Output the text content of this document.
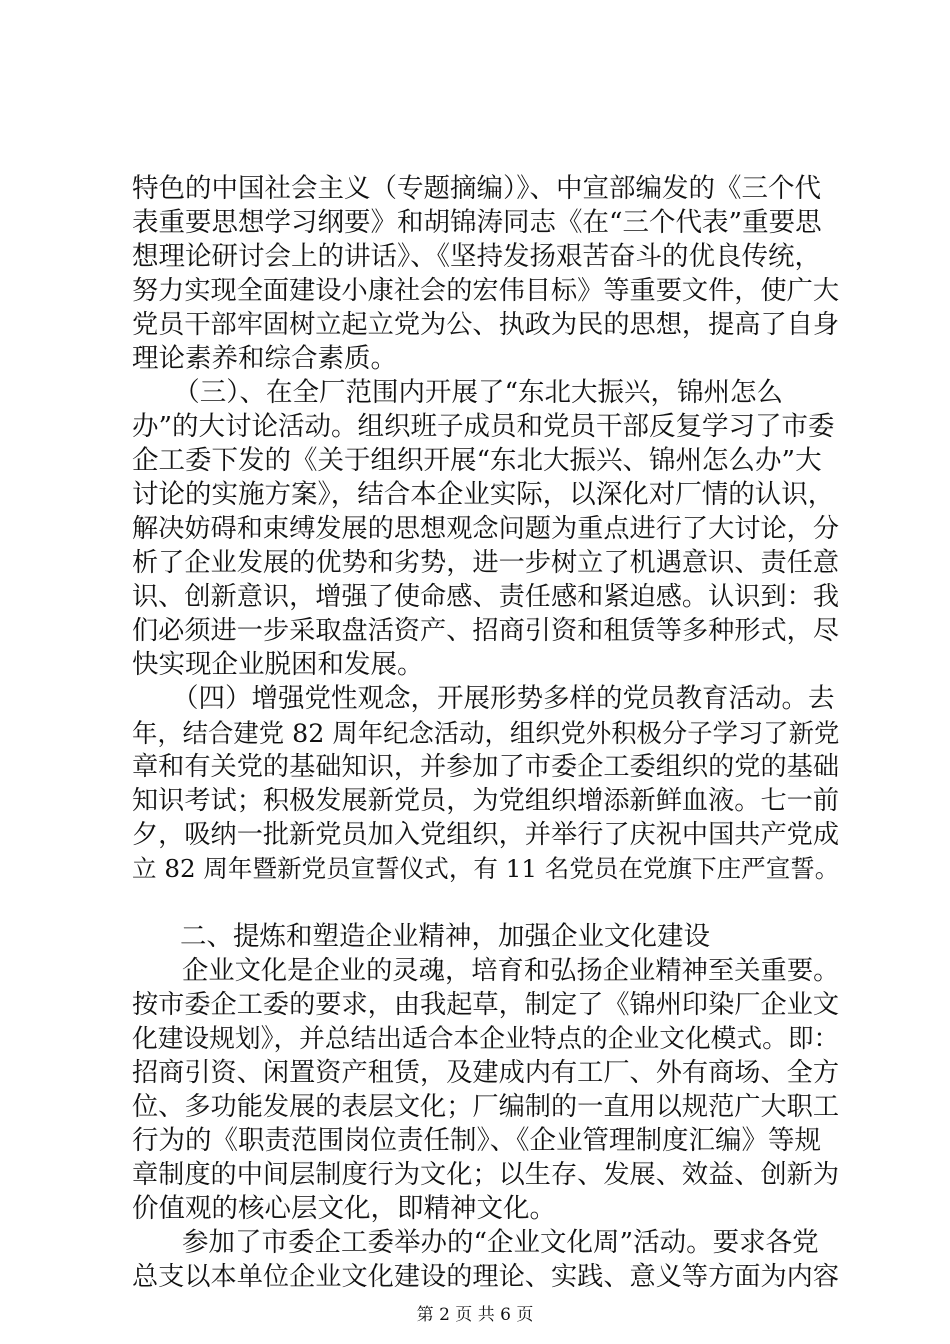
特色的中国社会主义（专题摘编）》、中宣部编发的《三个代
表重要思想学习纲要》和胡锦涛同志《在“三个代表”重要思
想理论研讨会上的讲话》、《坚持发扬艰苦奋斗的优良传统，
努力实现全面建设小康社会的宏伟目标》等重要文件，使广大
党员干部牢固树立起立党为公、执政为民的思想，提高了自身
理论素养和综合素质。
　（三）、在全厂范围内开展了“东北大振兴，锦州怎么
办”的大讨论活动。组织班子成员和党员干部反复学习了市委
企工委下发的《关于组织开展“东北大振兴、锦州怎么办”大
讨论的实施方案》，结合本企业实际，以深化对厂情的认识，
解决妨碍和束缚发展的思想观念问题为重点进行了大讨论，分
析了企业发展的优势和劣势，进一步树立了机遇意识、责任意
识、创新意识，增强了使命感、责任感和紧迫感。认识到：我
们必须进一步采取盘活资产、招商引资和租赁等多种形式，尽
快实现企业脱困和发展。
（四）增强党性观念，开展形势多样的党员教育活动。去
年，结合建党 82 周年纪念活动，组织党外积极分子学习了新党
章和有关党的基础知识，并参加了市委企工委组织的党的基础
知识考试；积极发展新党员，为党组织增添新鲜血液。七一前
夕，吸纳一批新党员加入党组织，并举行了庆祝中国共产党成
立 82 周年暨新党员宣誓仪式，有 11 名党员在党旗下庄严宣誓。
二、提炼和塑造企业精神，加强企业文化建设
企业文化是企业的灵魂，培育和弘扬企业精神至关重要。
按市委企工委的要求，由我起草，制定了《锦州印染厂企业文
化建设规划》，并总结出适合本企业特点的企业文化模式。即：
招商引资、闲置资产租赁，及建成内有工厂、外有商场、全方
位、多功能发展的表层文化；厂编制的一直用以规范广大职工
行为的《职责范围岗位责任制》、《企业管理制度汇编》等规
章制度的中间层制度行为文化；以生存、发展、效益、创新为
价值观的核心层文化，即精神文化。
参加了市委企工委举办的“企业文化周”活动。要求各党
总支以本单位企业文化建设的理论、实践、意义等方面为内容
第 2 页 共 6 页
